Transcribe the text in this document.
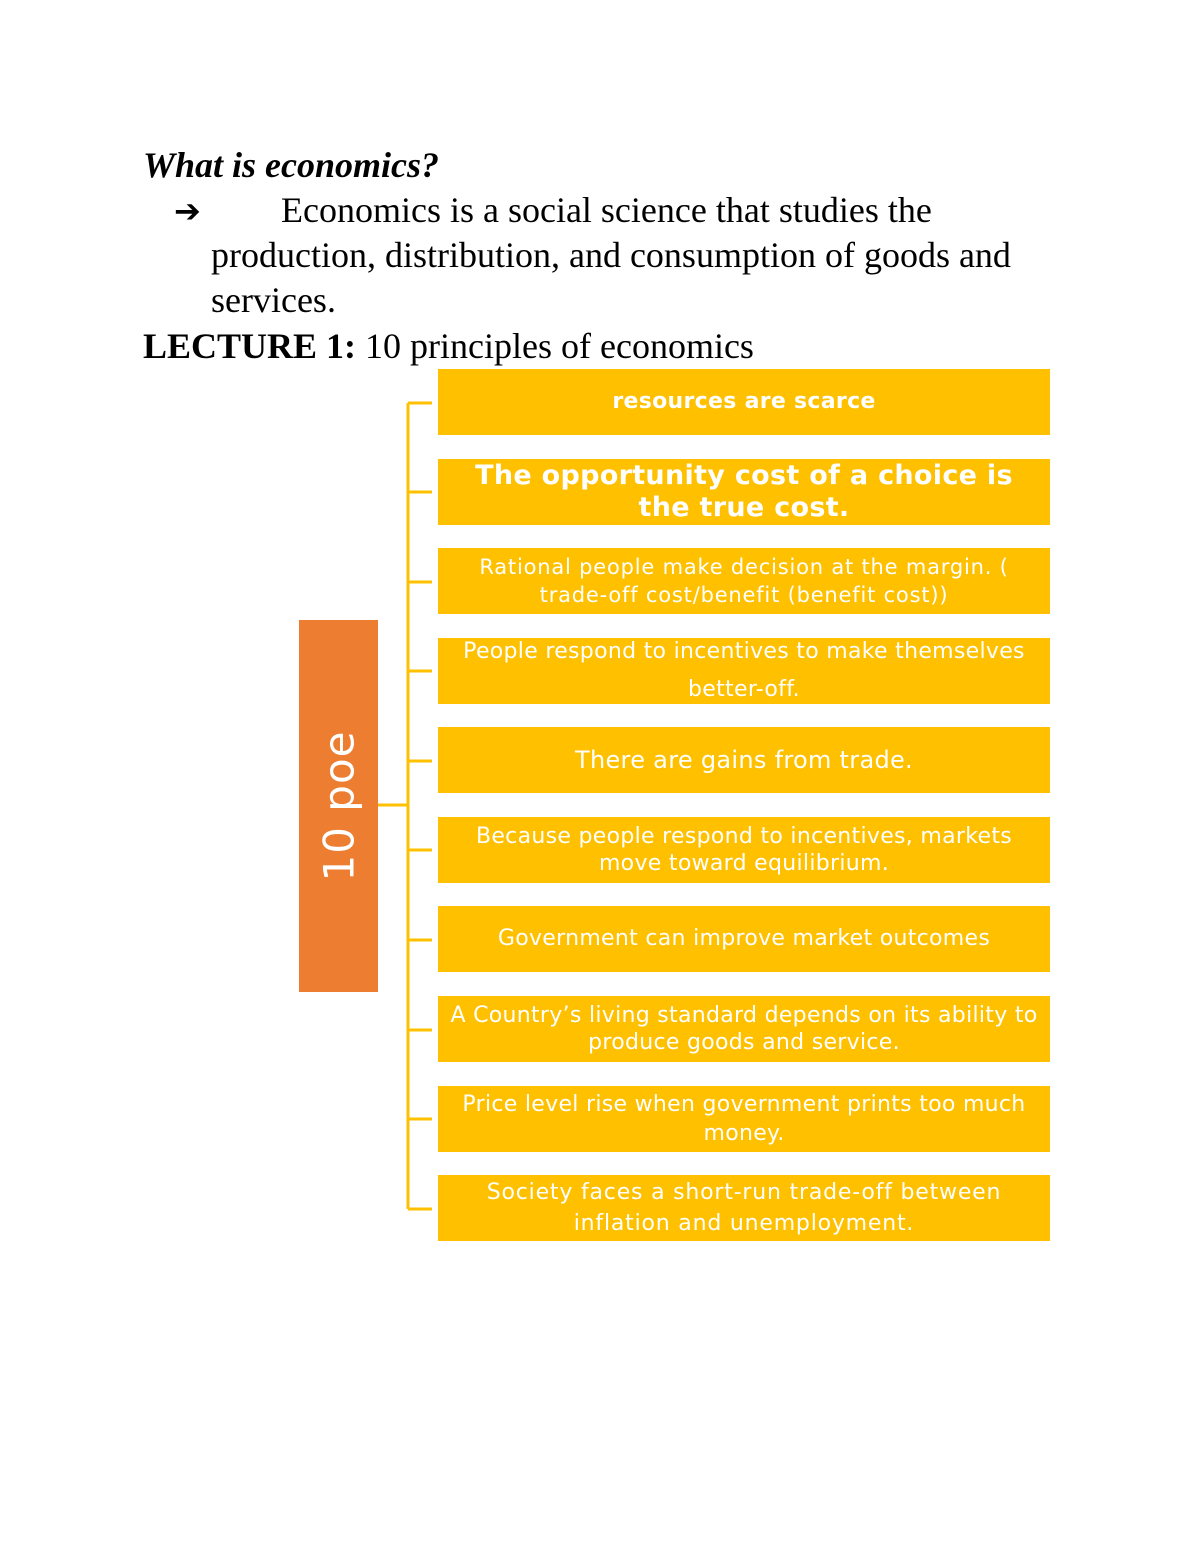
What is economics?
➔	Economics is a social science that studies the production, distribution, and consumption of goods and services.
LECTURE 1: 10 principles of economics
10 poe
resources are scarce
The opportunity cost of a choice is the true cost.
Rational people make decision at the margin. ( trade-off cost/benefit (benefit cost))
People respond to incentives to make themselves better-off.
There are gains from trade.
Because people respond to incentives, markets move toward equilibrium.
Government can improve market outcomes
A Country’s living standard depends on its ability to produce goods and service.
Price level rise when government prints too much money.
Society faces a short-run trade-off between inflation and unemployment.
